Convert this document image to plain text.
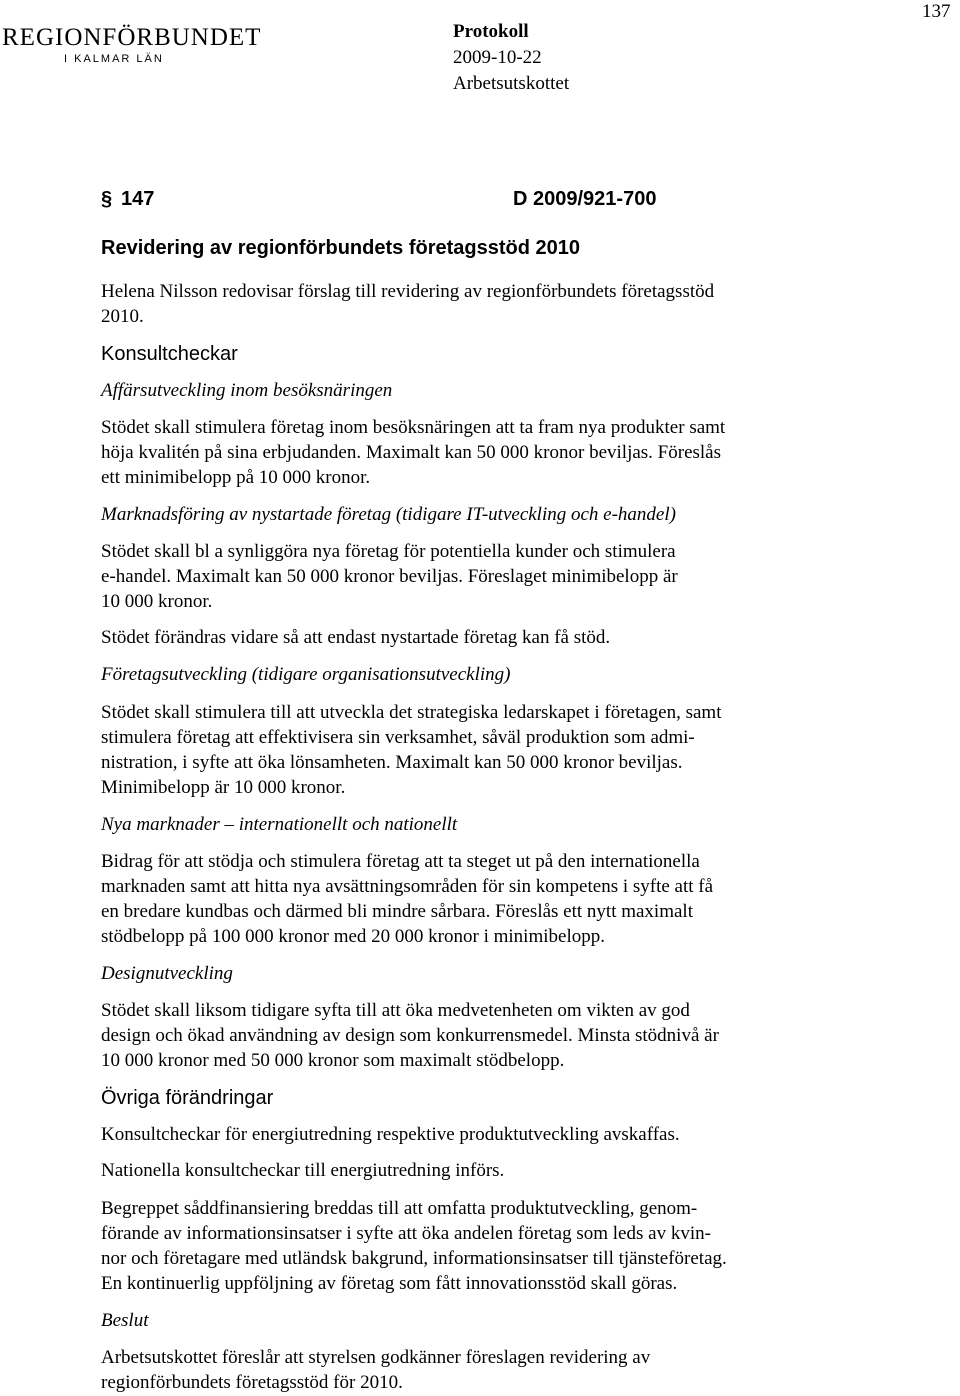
REGIONFÖRBUNDET
I KALMAR LÄN
Protokoll
2009-10-22
Arbetsutskottet
137
§ 147	D 2009/921-700
Revidering av regionförbundets företagsstöd 2010
Helena Nilsson redovisar förslag till revidering av regionförbundets företagsstöd
2010.
Konsultcheckar
Affärsutveckling inom besöksnäringen
Stödet skall stimulera företag inom besöksnäringen att ta fram nya produkter samt
höja kvalitén på sina erbjudanden. Maximalt kan 50 000 kronor beviljas. Föreslås
ett minimibelopp på 10 000 kronor.
Marknadsföring av nystartade företag (tidigare IT-utveckling och e-handel)
Stödet skall bl a synliggöra nya företag för potentiella kunder och stimulera
e-handel. Maximalt kan 50 000 kronor beviljas. Föreslaget minimibelopp är
10 000 kronor.
Stödet förändras vidare så att endast nystartade företag kan få stöd.
Företagsutveckling (tidigare organisationsutveckling)
Stödet skall stimulera till att utveckla det strategiska ledarskapet i företagen, samt
stimulera företag att effektivisera sin verksamhet, såväl produktion som admi-
nistration, i syfte att öka lönsamheten. Maximalt kan 50 000 kronor beviljas.
Minimibelopp är 10 000 kronor.
Nya marknader – internationellt och nationellt
Bidrag för att stödja och stimulera företag att ta steget ut på den internationella
marknaden samt att hitta nya avsättningsområden för sin kompetens i syfte att få
en bredare kundbas och därmed bli mindre sårbara. Föreslås ett nytt maximalt
stödbelopp på 100 000 kronor med 20 000 kronor i minimibelopp.
Designutveckling
Stödet skall liksom tidigare syfta till att öka medvetenheten om vikten av god
design och ökad användning av design som konkurrensmedel. Minsta stödnivå är
10 000 kronor med 50 000 kronor som maximalt stödbelopp.
Övriga förändringar
Konsultcheckar för energiutredning respektive produktutveckling avskaffas.
Nationella konsultcheckar till energiutredning införs.
Begreppet såddfinansiering breddas till att omfatta produktutveckling, genom-
förande av informationsinsatser i syfte att öka andelen företag som leds av kvin-
nor och företagare med utländsk bakgrund, informationsinsatser till tjänsteföretag.
En kontinuerlig uppföljning av företag som fått innovationsstöd skall göras.
Beslut
Arbetsutskottet föreslår att styrelsen godkänner föreslagen revidering av
regionförbundets företagsstöd för 2010.
